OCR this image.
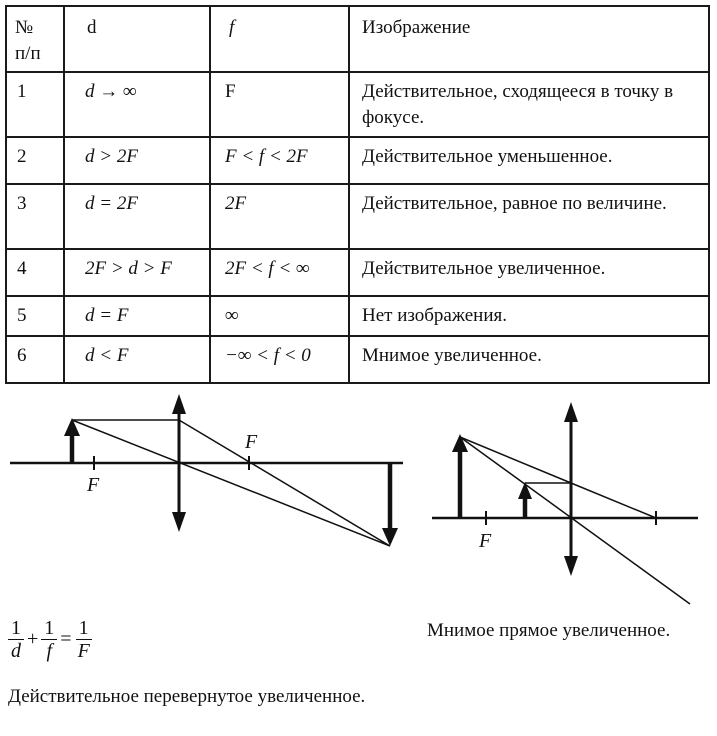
№
п/п	d	f	Изображение
1	d → ∞	F	Действительное, сходящееся в точку в фокусе.
2	d > 2F	F < f < 2F	Действительное уменьшенное.
3	d = 2F	2F	Действительное, равное по величине.
4	2F > d > F	2F < f < ∞	Действительное увеличенное.
5	d = F	∞	Нет изображения.
6	d < F	−∞ < f < 0	Мнимое увеличенное.
F
F
F
Мнимое прямое увеличенное.
$\frac{1}{d} + \frac{1}{f} = \frac{1}{F}$
Действительное перевернутое увеличенное.
